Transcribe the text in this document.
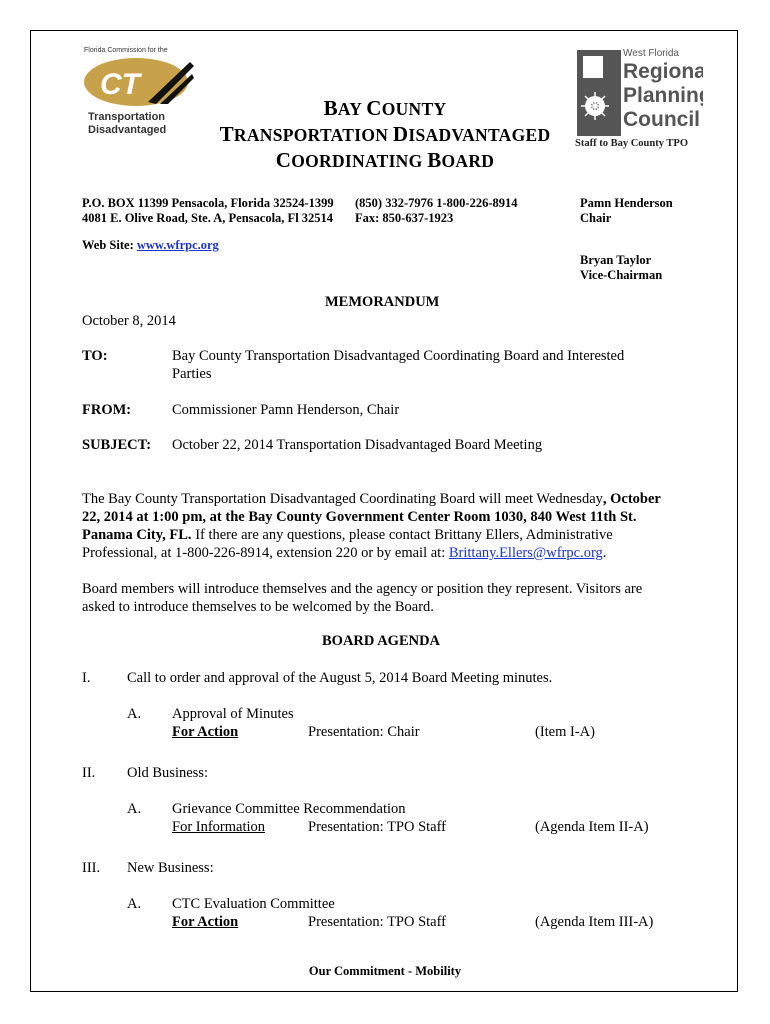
Florida Commission for the
CT
Transportation
Disadvantaged
BAY COUNTY
TRANSPORTATION DISADVANTAGED
COORDINATING BOARD
West Florida
Regional
Planning
Council
Staff to Bay County TPO
P.O. BOX 11399 Pensacola, Florida 32524-1399
4081 E. Olive Road, Ste. A, Pensacola, Fl 32514
(850) 332-7976 1-800-226-8914
Fax: 850-637-1923
Pamn Henderson
Chair
Web Site: www.wfrpc.org
Bryan Taylor
Vice-Chairman
MEMORANDUM
October 8, 2014
TO:	Bay County Transportation Disadvantaged Coordinating Board and Interested
Parties
FROM:	Commissioner Pamn Henderson, Chair
SUBJECT: October 22, 2014 Transportation Disadvantaged Board Meeting
The Bay County Transportation Disadvantaged Coordinating Board will meet Wednesday, October
22, 2014 at 1:00 pm, at the Bay County Government Center Room 1030, 840 West 11th St.
Panama City, FL. If there are any questions, please contact Brittany Ellers, Administrative
Professional, at 1-800-226-8914, extension 220 or by email at: Brittany.Ellers@wfrpc.org.
Board members will introduce themselves and the agency or position they represent. Visitors are
asked to introduce themselves to be welcomed by the Board.
BOARD AGENDA
I.	Call to order and approval of the August 5, 2014 Board Meeting minutes.
A. Approval of Minutes
For Action	Presentation: Chair	(Item I-A)
II. Old Business:
A. Grievance Committee Recommendation
For Information	Presentation: TPO Staff	(Agenda Item II-A)
III. New Business:
A. CTC Evaluation Committee
For Action	Presentation: TPO Staff	(Agenda Item III-A)
Our Commitment - Mobility
